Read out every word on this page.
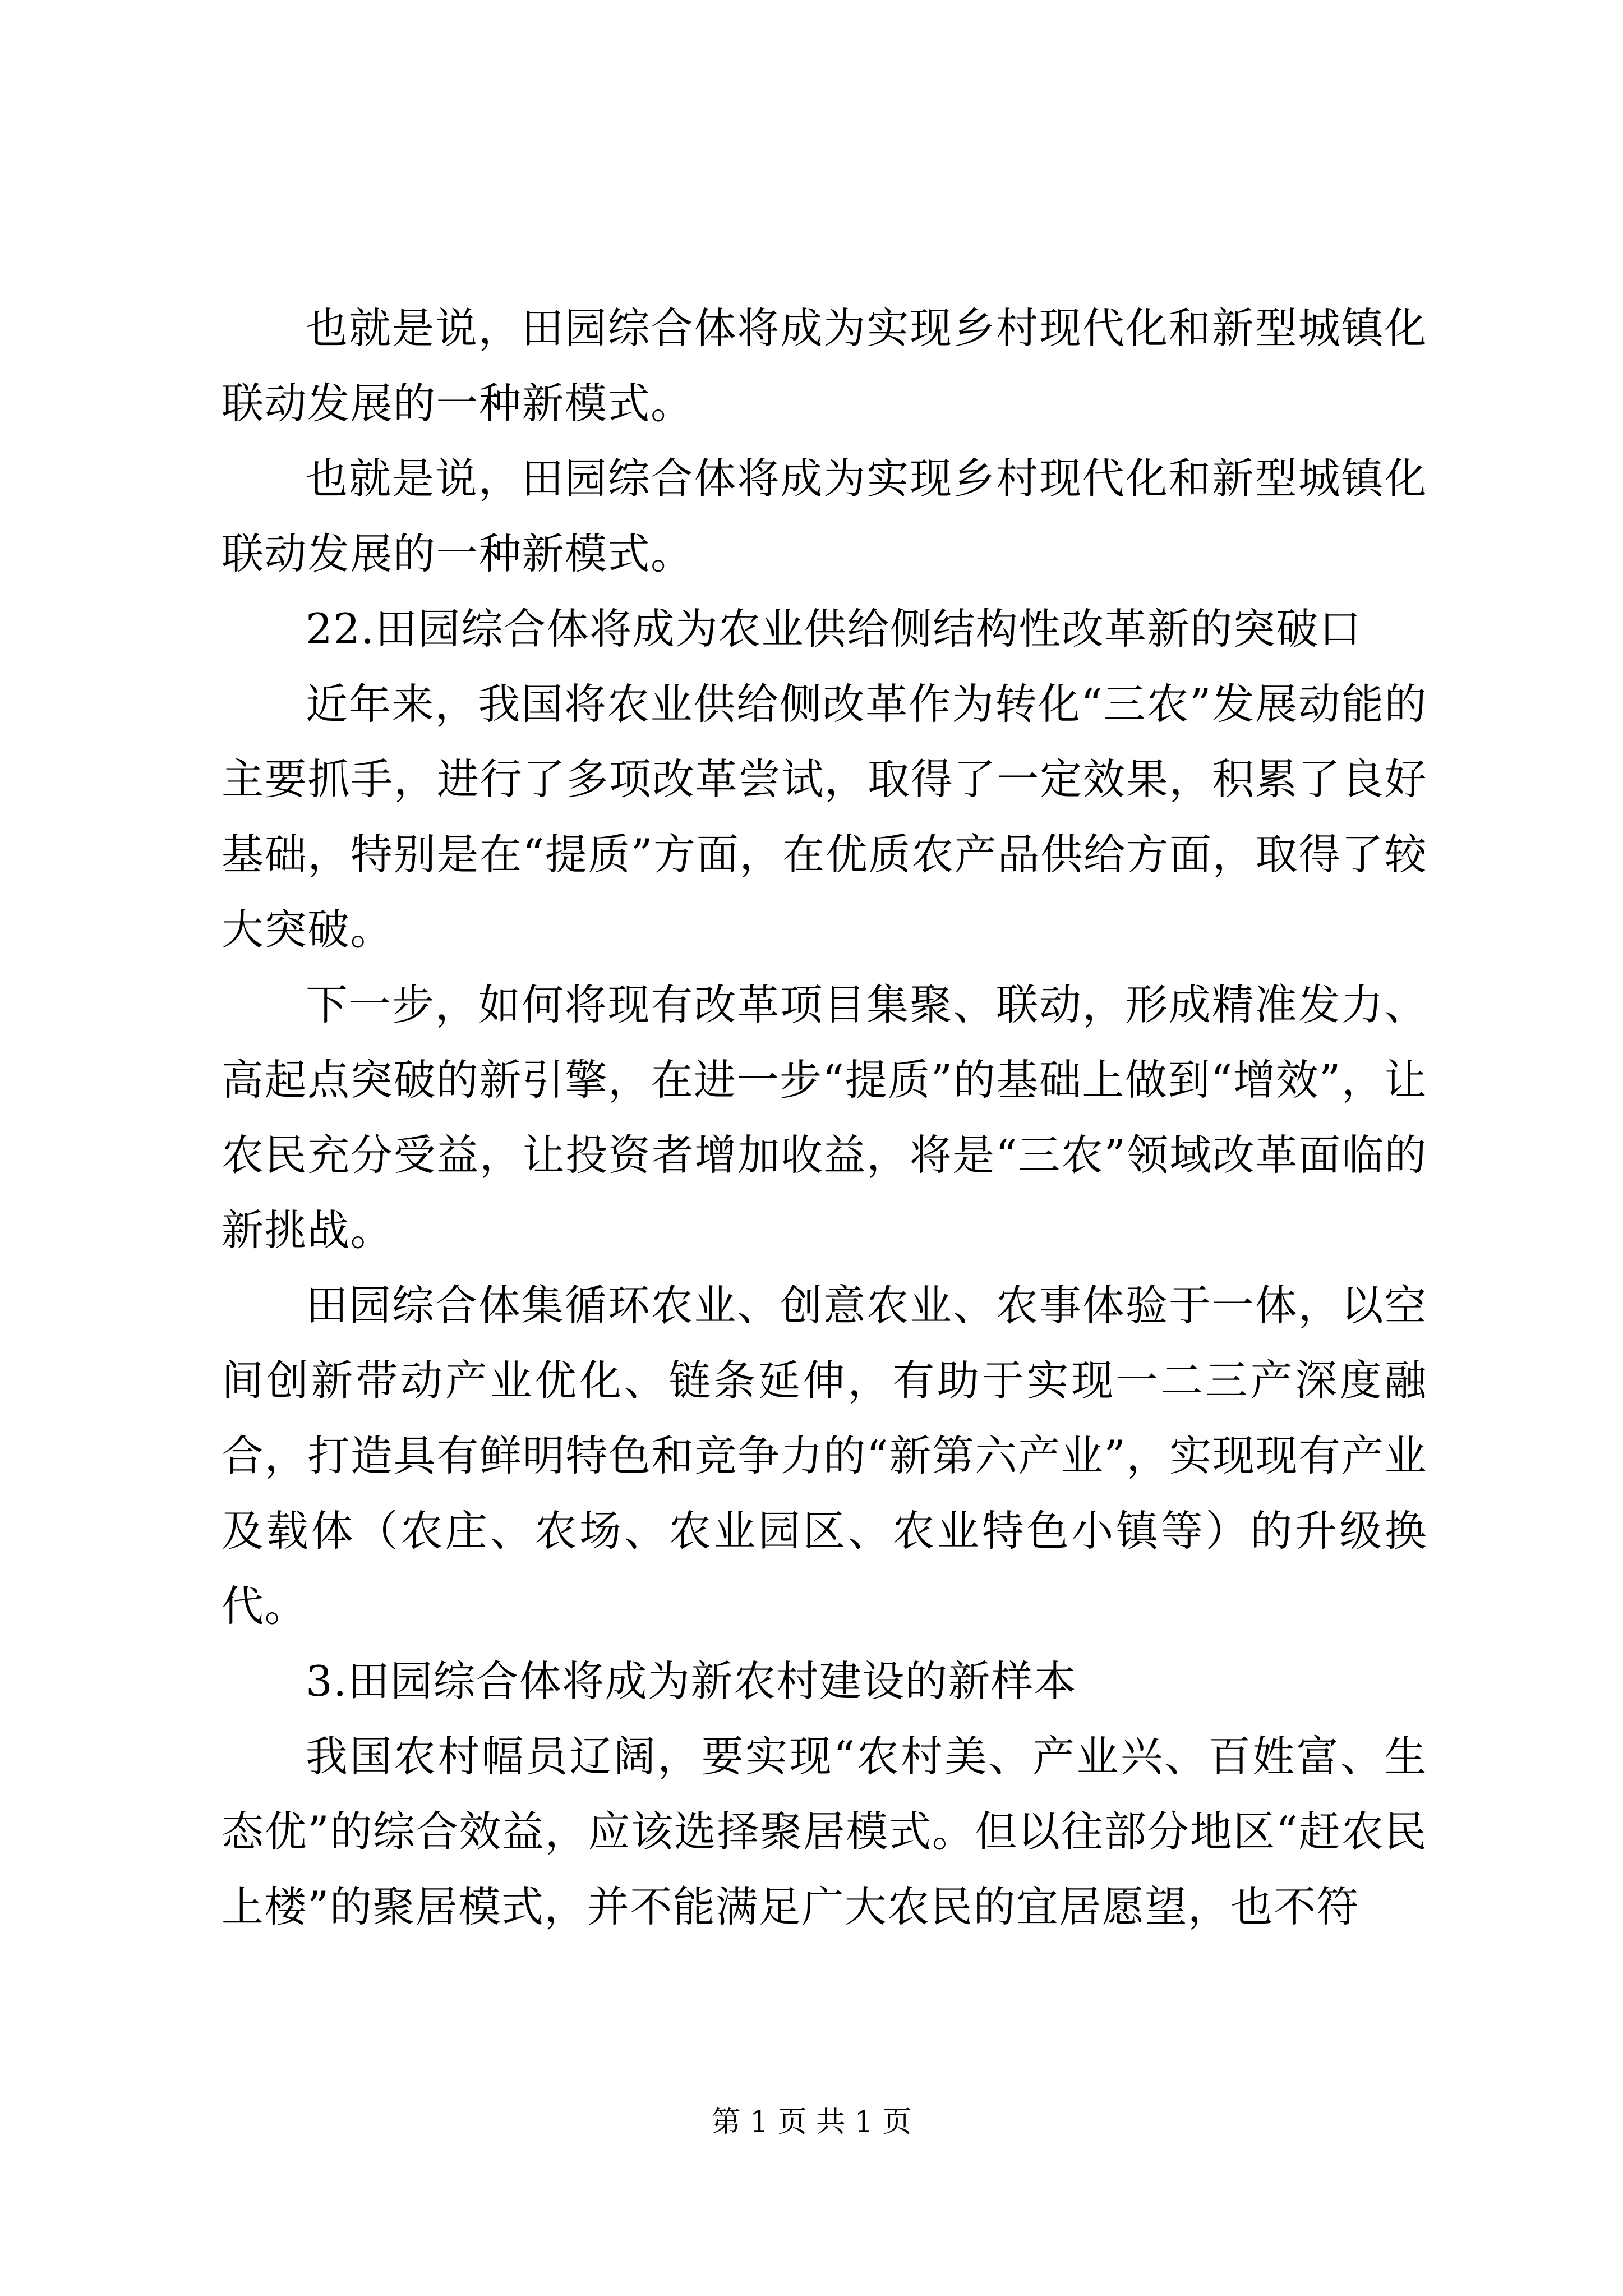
也就是说，田园综合体将成为实现乡村现代化和新型城镇化联动发展的一种新模式。

也就是说，田园综合体将成为实现乡村现代化和新型城镇化联动发展的一种新模式。

22.田园综合体将成为农业供给侧结构性改革新的突破口

近年来，我国将农业供给侧改革作为转化“三农”发展动能的主要抓手，进行了多项改革尝试，取得了一定效果，积累了良好基础，特别是在“提质”方面，在优质农产品供给方面，取得了较大突破。

下一步，如何将现有改革项目集聚、联动，形成精准发力、高起点突破的新引擎，在进一步“提质”的基础上做到“增效”，让农民充分受益，让投资者增加收益，将是“三农”领域改革面临的新挑战。

田园综合体集循环农业、创意农业、农事体验于一体，以空间创新带动产业优化、链条延伸，有助于实现一二三产深度融合，打造具有鲜明特色和竞争力的“新第六产业”，实现现有产业及载体（农庄、农场、农业园区、农业特色小镇等）的升级换代。

3.田园综合体将成为新农村建设的新样本

我国农村幅员辽阔，要实现“农村美、产业兴、百姓富、生态优”的综合效益，应该选择聚居模式。但以往部分地区“赶农民上楼”的聚居模式，并不能满足广大农民的宜居愿望，也不符

第 1 页 共 1 页
